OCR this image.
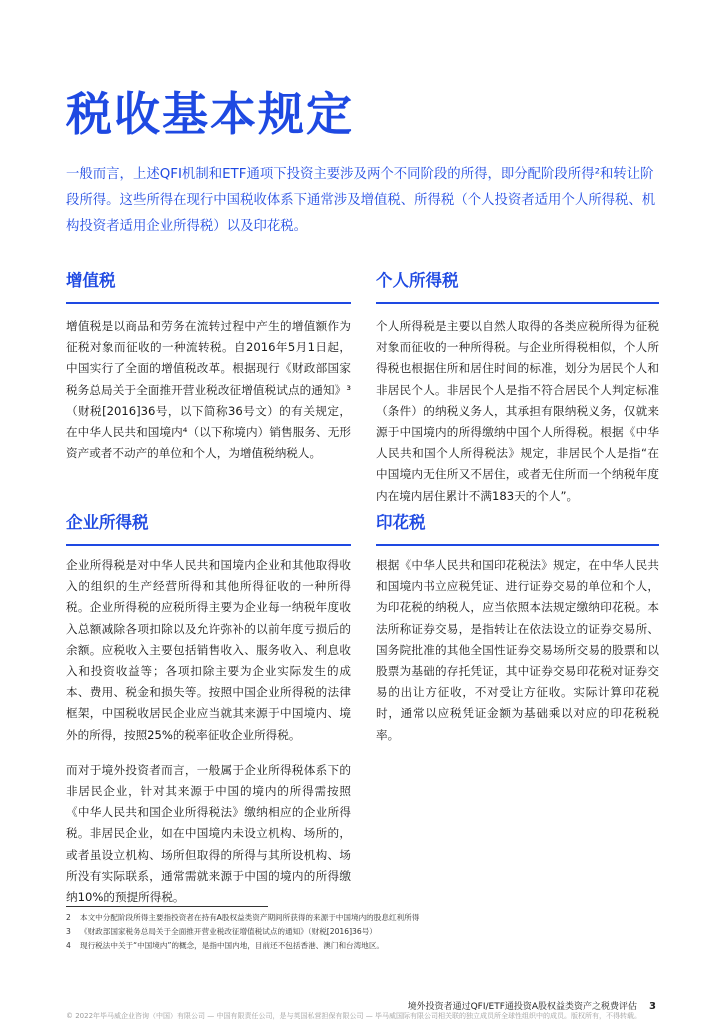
税收基本规定

一般而言，上述QFI机制和ETF通项下投资主要涉及两个不同阶段的所得，即分配阶段所得²和转让阶段所得。这些所得在现行中国税收体系下通常涉及增值税、所得税（个人投资者适用个人所得税、机构投资者适用企业所得税）以及印花税。

增值税

增值税是以商品和劳务在流转过程中产生的增值额作为征税对象而征收的一种流转税。自2016年5月1日起，中国实行了全面的增值税改革。根据现行《财政部国家税务总局关于全面推开营业税改征增值税试点的通知》³（财税[2016]36号，以下简称36号文）的有关规定，在中华人民共和国境内⁴（以下称境内）销售服务、无形资产或者不动产的单位和个人，为增值税纳税人。

个人所得税

个人所得税是主要以自然人取得的各类应税所得为征税对象而征收的一种所得税。与企业所得税相似，个人所得税也根据住所和居住时间的标准，划分为居民个人和非居民个人。非居民个人是指不符合居民个人判定标准（条件）的纳税义务人，其承担有限纳税义务，仅就来源于中国境内的所得缴纳中国个人所得税。根据《中华人民共和国个人所得税法》规定，非居民个人是指“在中国境内无住所又不居住，或者无住所而一个纳税年度内在境内居住累计不满183天的个人”。

企业所得税

企业所得税是对中华人民共和国境内企业和其他取得收入的组织的生产经营所得和其他所得征收的一种所得税。企业所得税的应税所得主要为企业每一纳税年度收入总额减除各项扣除以及允许弥补的以前年度亏损后的余额。应税收入主要包括销售收入、服务收入、利息收入和投资收益等；各项扣除主要为企业实际发生的成本、费用、税金和损失等。按照中国企业所得税的法律框架，中国税收居民企业应当就其来源于中国境内、境外的所得，按照25%的税率征收企业所得税。

而对于境外投资者而言，一般属于企业所得税体系下的非居民企业，针对其来源于中国的境内的所得需按照《中华人民共和国企业所得税法》缴纳相应的企业所得税。非居民企业，如在中国境内未设立机构、场所的，或者虽设立机构、场所但取得的所得与其所设机构、场所没有实际联系，通常需就来源于中国的境内的所得缴纳10%的预提所得税。

印花税

根据《中华人民共和国印花税法》规定，在中华人民共和国境内书立应税凭证、进行证券交易的单位和个人，为印花税的纳税人，应当依照本法规定缴纳印花税。本法所称证券交易，是指转让在依法设立的证券交易所、国务院批准的其他全国性证券交易场所交易的股票和以股票为基础的存托凭证，其中证券交易印花税对证券交易的出让方征收，不对受让方征收。实际计算印花税时，通常以应税凭证金额为基础乘以对应的印花税税率。

2 本文中分配阶段所得主要指投资者在持有A股权益类资产期间所获得的来源于中国境内的股息红利所得
3 《财政部国家税务总局关于全面推开营业税改征增值税试点的通知》（财税[2016]36号）
4 现行税法中关于“中国境内”的概念，是指中国内地，目前还不包括香港、澳门和台湾地区。
境外投资者通过QFI/ETF通投资A股权益类资产之税费评估 3
© 2022年毕马威企业咨询（中国）有限公司 — 中国有限责任公司，是与英国私营担保有限公司 — 毕马威国际有限公司相关联的独立成员所全球性组织中的成员。版权所有，不得转载。
